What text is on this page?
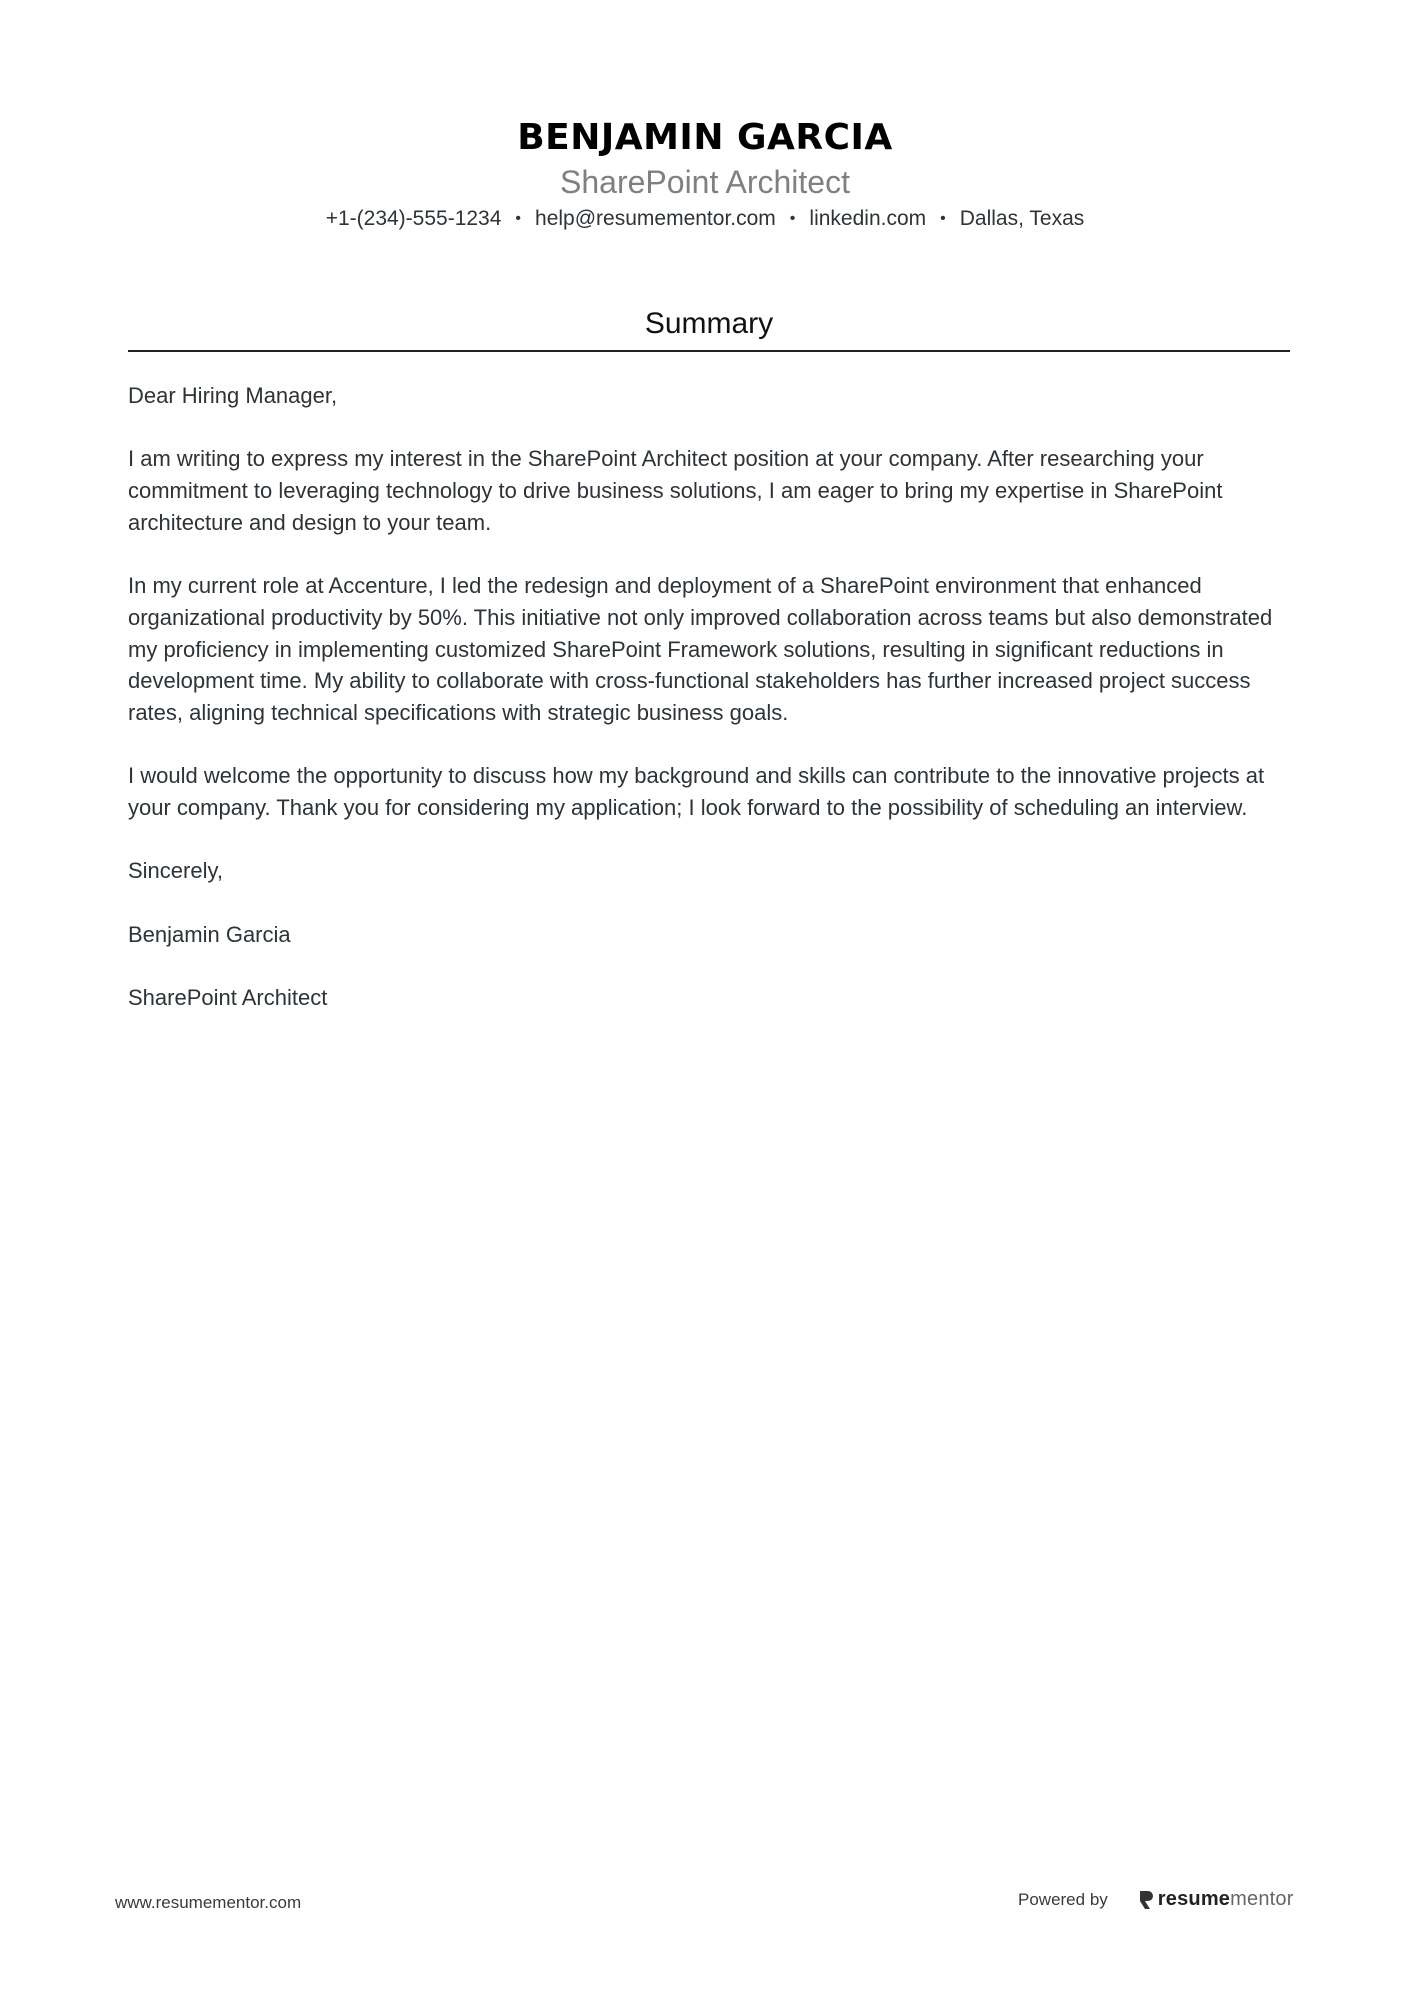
BENJAMIN GARCIA
SharePoint Architect
+1-(234)-555-1234 • help@resumementor.com • linkedin.com • Dallas, Texas
Summary

Dear Hiring Manager,

I am writing to express my interest in the SharePoint Architect position at your company. After researching your commitment to leveraging technology to drive business solutions, I am eager to bring my expertise in SharePoint architecture and design to your team.

In my current role at Accenture, I led the redesign and deployment of a SharePoint environment that enhanced organizational productivity by 50%. This initiative not only improved collaboration across teams but also demonstrated my proficiency in implementing customized SharePoint Framework solutions, resulting in significant reductions in development time. My ability to collaborate with cross-functional stakeholders has further increased project success rates, aligning technical specifications with strategic business goals.

I would welcome the opportunity to discuss how my background and skills can contribute to the innovative projects at your company. Thank you for considering my application; I look forward to the possibility of scheduling an interview.

Sincerely,

Benjamin Garcia

SharePoint Architect

www.resumementor.com	Powered by	resumementor
